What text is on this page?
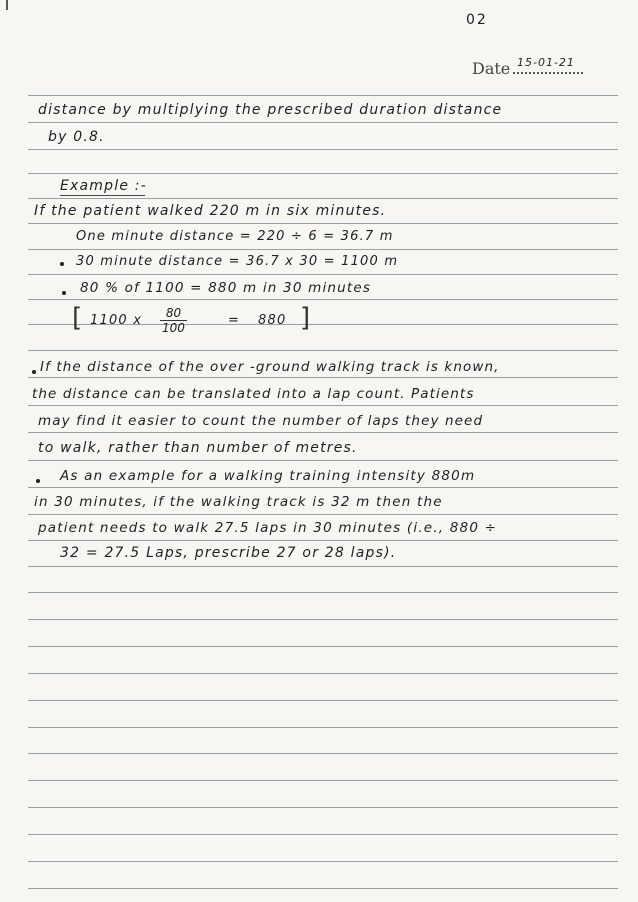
02
Date 15-01-21
distance by multiplying the prescribed duration distance
by 0.8.
Example :-
If the patient walked 220 m in six minutes.
One minute distance = 220 ÷ 6 = 36.7 m
30 minute distance = 36.7 x 30 = 1100 m
80 % of 1100 = 880 m in 30 minutes
[ 1100 x $\frac{80}{100}$	= 880 ]
If the distance of the over -ground walking track is known,
the distance can be translated into a lap count. Patients
may find it easier to count the number of laps they need
to walk, rather than number of metres.
As an example for a walking training intensity 880m
in 30 minutes, if the walking track is 32 m then the
patient needs to walk 27.5 laps in 30 minutes (i.e., 880 ÷
32 = 27.5 Laps, prescribe 27 or 28 laps).
